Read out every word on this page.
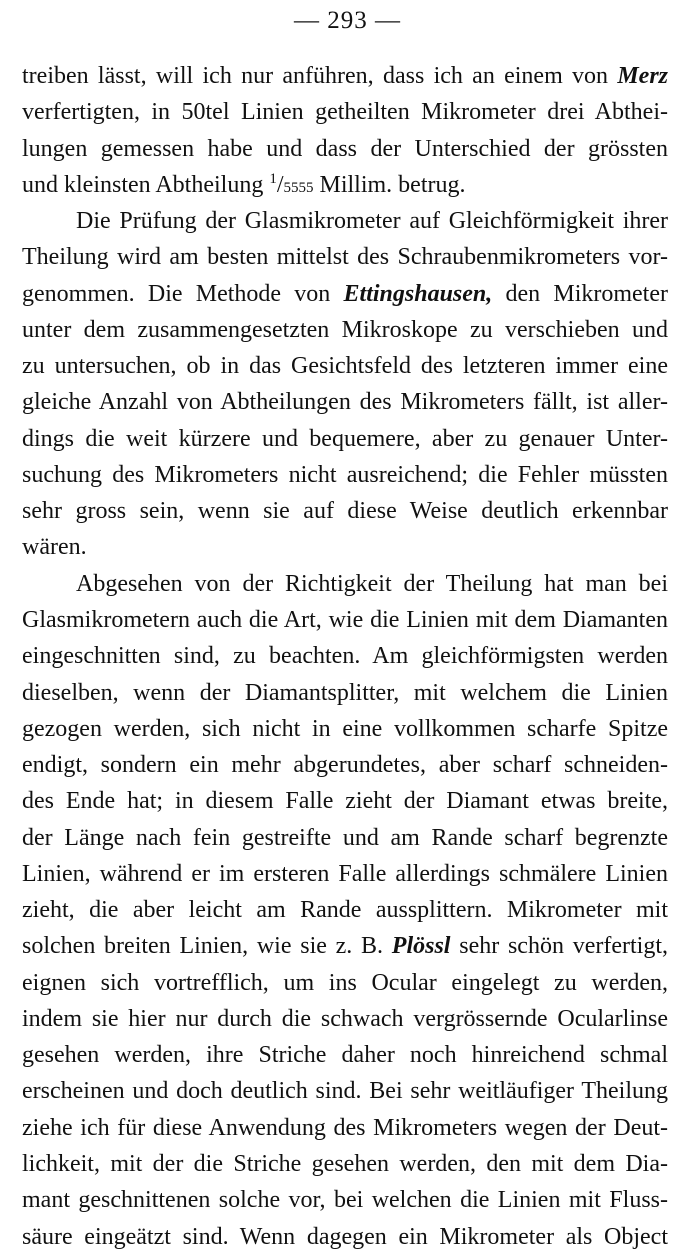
— 293 —
treiben lässt, will ich nur anführen, dass ich an einem von Merz
verfertigten, in 50tel Linien getheilten Mikrometer drei Abthei-
lungen gemessen habe und dass der Unterschied der grössten
und kleinsten Abtheilung $^1$/5555 Millim. betrug.
Die Prüfung der Glasmikrometer auf Gleichförmigkeit ihrer
Theilung wird am besten mittelst des Schraubenmikrometers vor-
genommen. Die Methode von Ettingshausen, den Mikrometer
unter dem zusammengesetzten Mikroskope zu verschieben und
zu untersuchen, ob in das Gesichtsfeld des letzteren immer eine
gleiche Anzahl von Abtheilungen des Mikrometers fällt, ist aller-
dings die weit kürzere und bequemere, aber zu genauer Unter-
suchung des Mikrometers nicht ausreichend; die Fehler müssten
sehr gross sein, wenn sie auf diese Weise deutlich erkennbar
wären.
Abgesehen von der Richtigkeit der Theilung hat man bei
Glasmikrometern auch die Art, wie die Linien mit dem Diamanten
eingeschnitten sind, zu beachten. Am gleichförmigsten werden
dieselben, wenn der Diamantsplitter, mit welchem die Linien
gezogen werden, sich nicht in eine vollkommen scharfe Spitze
endigt, sondern ein mehr abgerundetes, aber scharf schneiden-
des Ende hat; in diesem Falle zieht der Diamant etwas breite,
der Länge nach fein gestreifte und am Rande scharf begrenzte
Linien, während er im ersteren Falle allerdings schmälere Linien
zieht, die aber leicht am Rande aussplittern. Mikrometer mit
solchen breiten Linien, wie sie z. B. Plössl sehr schön verfertigt,
eignen sich vortrefflich, um ins Ocular eingelegt zu werden,
indem sie hier nur durch die schwach vergrössernde Ocularlinse
gesehen werden, ihre Striche daher noch hinreichend schmal
erscheinen und doch deutlich sind. Bei sehr weitläufiger Theilung
ziehe ich für diese Anwendung des Mikrometers wegen der Deut-
lichkeit, mit der die Striche gesehen werden, den mit dem Dia-
mant geschnittenen solche vor, bei welchen die Linien mit Fluss-
säure eingeätzt sind. Wenn dagegen ein Mikrometer als Object
